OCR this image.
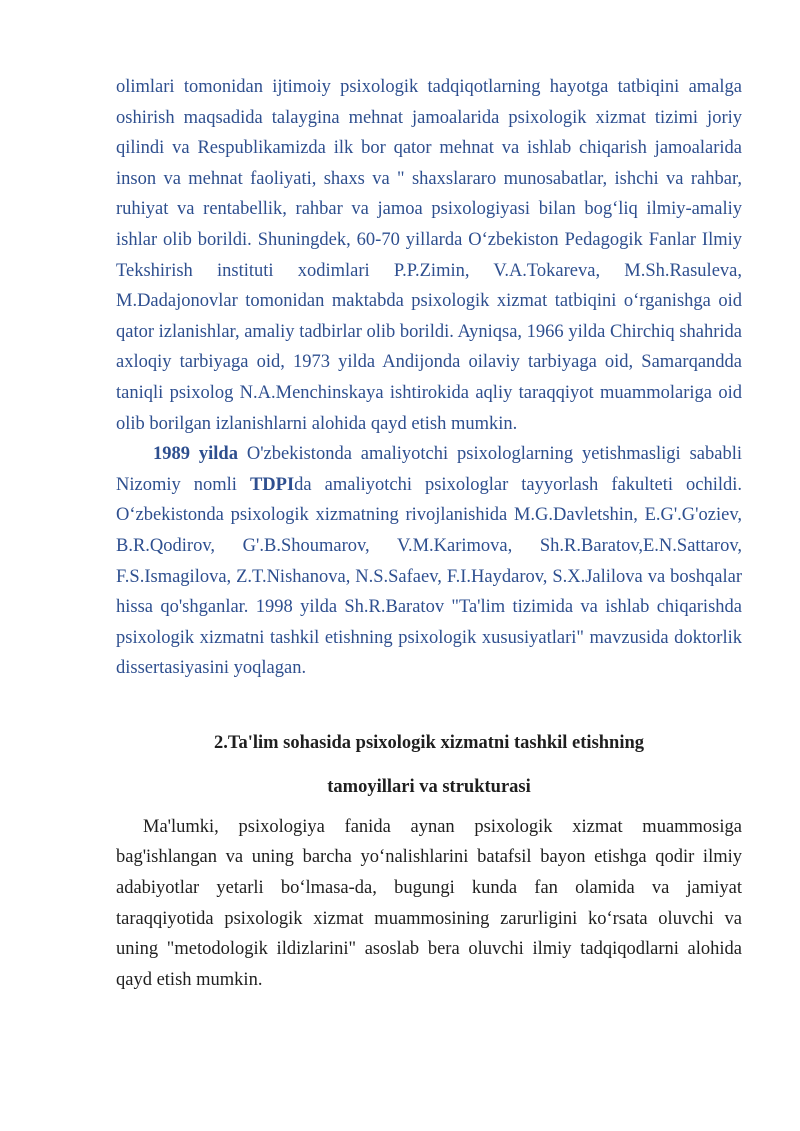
olimlari tomonidan ijtimoiy psixologik tadqiqotlarning hayotga tatbiqini amalga oshirish maqsadida talaygina mehnat jamoalarida psixologik xizmat tizimi joriy qilindi va Respublikamizda ilk bor qator mehnat va ishlab chiqarish jamoalarida inson va mehnat faoliyati, shaxs va " shaxslararo munosabatlar, ishchi va rahbar, ruhiyat va rentabellik, rahbar va jamoa psixologiyasi bilan bog‘liq ilmiy-amaliy ishlar olib borildi. Shuningdek, 60-70 yillarda O‘zbekiston Pedagogik Fanlar Ilmiy Tekshirish instituti xodimlari P.P.Zimin, V.A.Tokareva, M.Sh.Rasuleva, M.Dadajonovlar tomonidan maktabda psixologik xizmat tatbiqini o‘rganishga oid qator izlanishlar, amaliy tadbirlar olib borildi. Ayniqsa, 1966 yilda Chirchiq shahrida axloqiy tarbiyaga oid, 1973 yilda Andijonda oilaviy tarbiyaga oid, Samarqandda taniqli psixolog N.A.Menchinskaya ishtirokida aqliy taraqqiyot muammolariga oid olib borilgan izlanishlarni alohida qayd etish mumkin.

1989 yilda O'zbekistonda amaliyotchi psixologlarning yetishmasligi sababli Nizomiy nomli TDPIda amaliyotchi psixologlar tayyorlash fakulteti ochildi. O‘zbekistonda psixologik xizmatning rivojlanishida M.G.Davletshin, E.G'.G'oziev, B.R.Qodirov, G'.B.Shoumarov, V.M.Karimova, Sh.R.Baratov,E.N.Sattarov, F.S.Ismagilova, Z.T.Nishanova, N.S.Safaev, F.I.Haydarov, S.X.Jalilova va boshqalar hissa qo'shganlar. 1998 yilda Sh.R.Baratov "Ta'lim tizimida va ishlab chiqarishda psixologik xizmatni tashkil etishning psixologik xususiyatlari" mavzusida doktorlik dissertasiyasini yoqlagan.

2.Ta'lim sohasida psixologik xizmatni tashkil etishning

tamoyillari va strukturasi

Ma'lumki, psixologiya fanida aynan psixologik xizmat muammosiga bag'ishlangan va uning barcha yo‘nalishlarini batafsil bayon etishga qodir ilmiy adabiyotlar yetarli bo‘lmasa-da, bugungi kunda fan olamida va jamiyat taraqqiyotida psixologik xizmat muammosining zarurligini ko‘rsata oluvchi va uning "metodologik ildizlarini" asoslab bera oluvchi ilmiy tadqiqodlarni alohida qayd etish mumkin.
